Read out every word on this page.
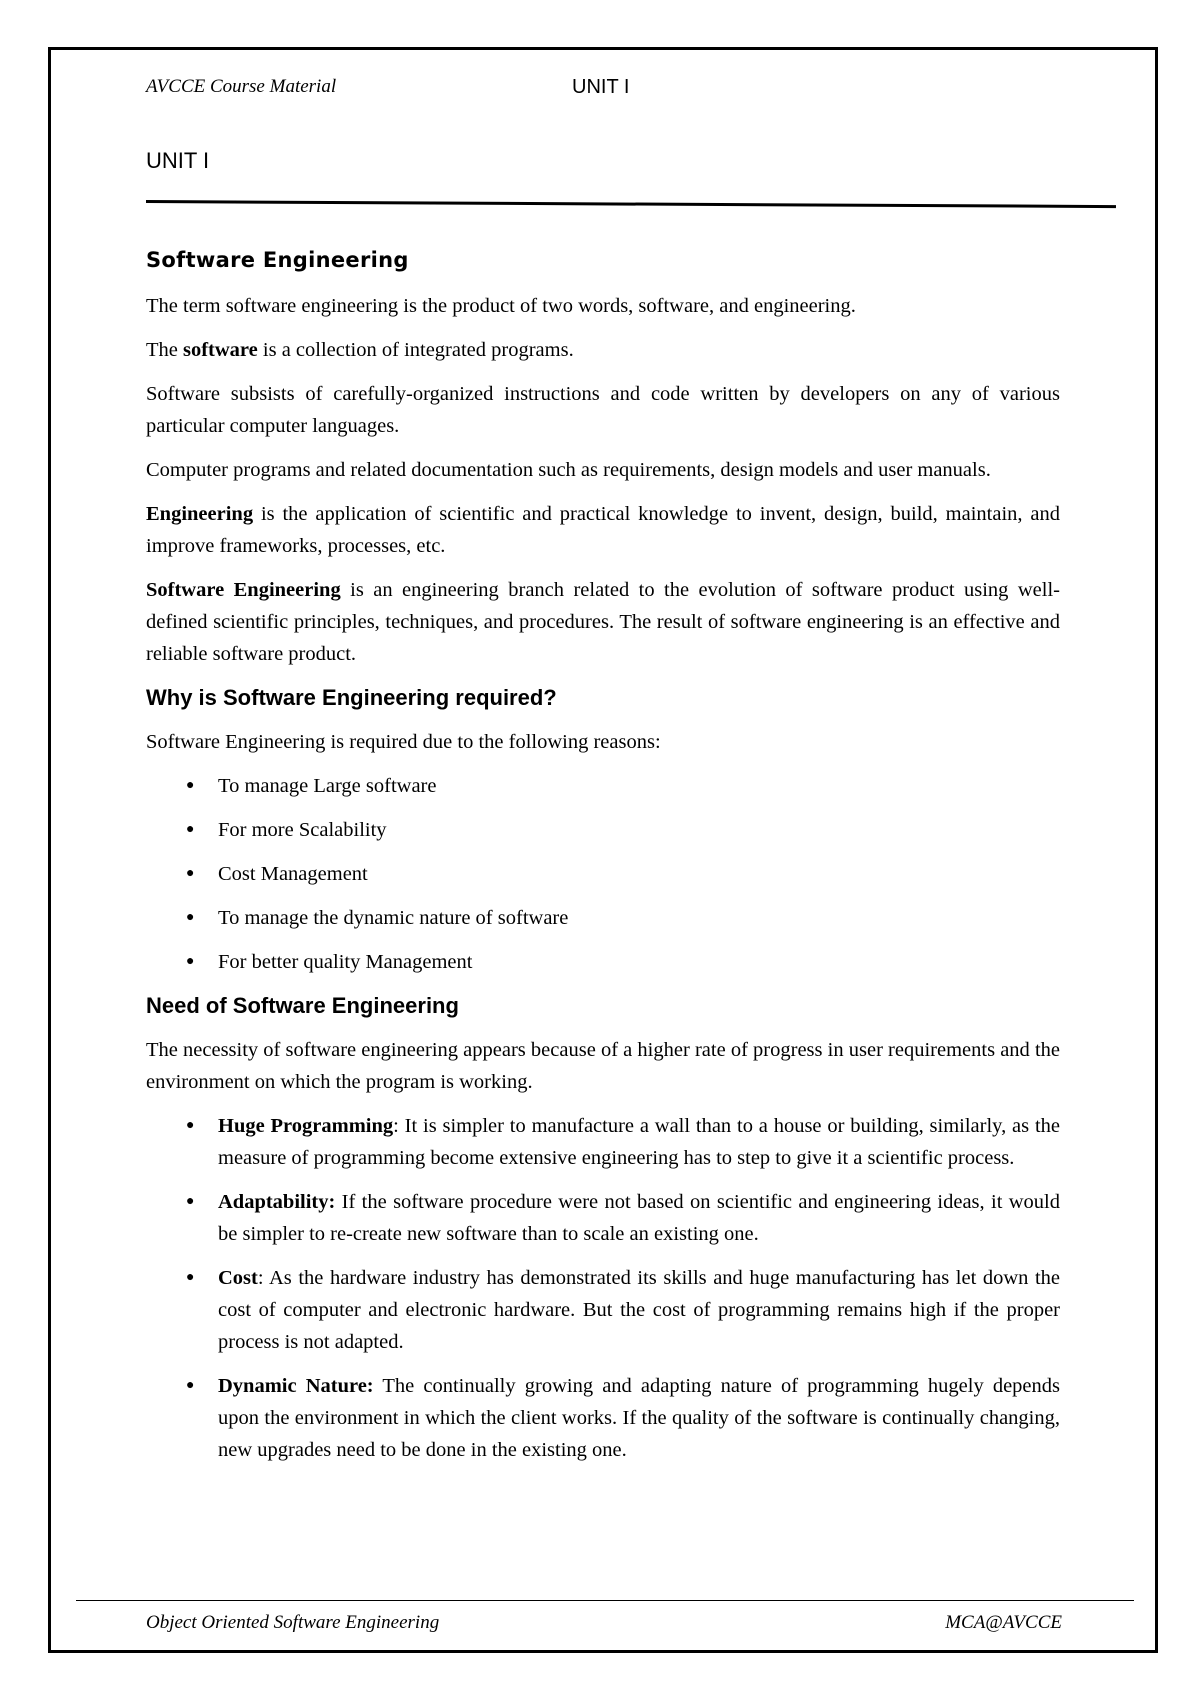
AVCCE Course Material	UNIT I
UNIT I
Software Engineering

The term software engineering is the product of two words, software, and engineering.

The software is a collection of integrated programs.

Software subsists of carefully-organized instructions and code written by developers on any of various particular computer languages.

Computer programs and related documentation such as requirements, design models and user manuals.

Engineering is the application of scientific and practical knowledge to invent, design, build, maintain, and improve frameworks, processes, etc.

Software Engineering is an engineering branch related to the evolution of software product using well-defined scientific principles, techniques, and procedures. The result of software engineering is an effective and reliable software product.

Why is Software Engineering required?

Software Engineering is required due to the following reasons:

● To manage Large software
● For more Scalability
● Cost Management
● To manage the dynamic nature of software
● For better quality Management
Need of Software Engineering

The necessity of software engineering appears because of a higher rate of progress in user requirements and the environment on which the program is working.

● Huge Programming: It is simpler to manufacture a wall than to a house or building, similarly, as the measure of programming become extensive engineering has to step to give it a scientific process.
● Adaptability: If the software procedure were not based on scientific and engineering ideas, it would be simpler to re-create new software than to scale an existing one.
● Cost: As the hardware industry has demonstrated its skills and huge manufacturing has let down the cost of computer and electronic hardware. But the cost of programming remains high if the proper process is not adapted.
● Dynamic Nature: The continually growing and adapting nature of programming hugely depends upon the environment in which the client works. If the quality of the software is continually changing, new upgrades need to be done in the existing one.
Object Oriented Software Engineering	MCA@AVCCE
